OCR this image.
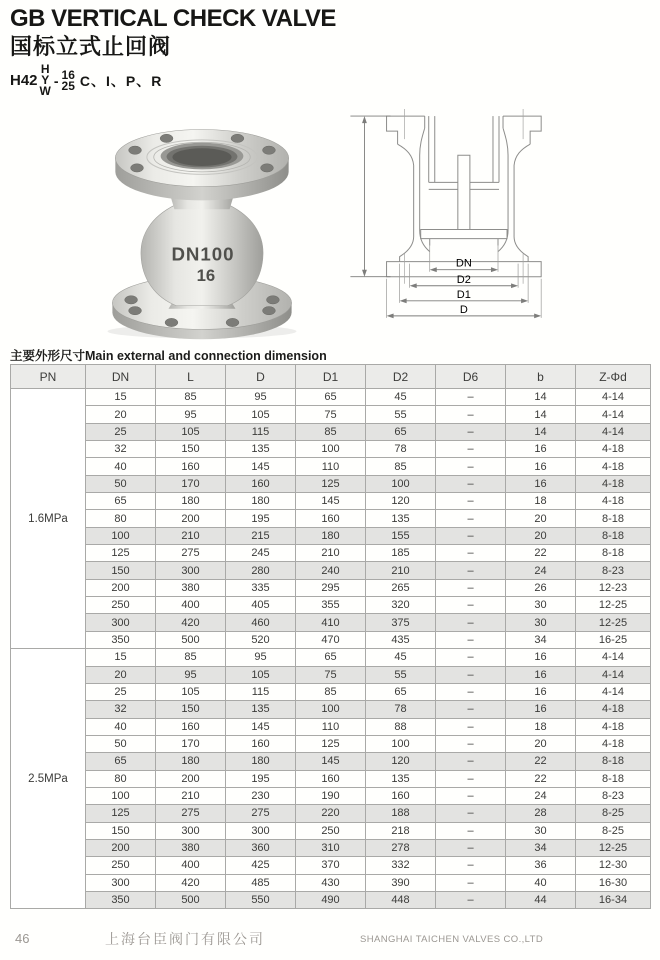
GB VERTICAL CHECK VALVE
国标立式止回阀
H42
H
Y
W
- 16
25 C、I、P、R
DN100
16
DN
D2
D1
D
主要外形尺寸Main external and connection dimension
PN	DN	L	D	D1	D2	D6	b	Z-Φd
1.6MPa	15	85	95	65	45	–	14	4-14
	20	95	105	75	55	–	14	4-14
	25	105	115	85	65	–	14	4-14
	32	150	135	100	78	–	16	4-18
	40	160	145	110	85	–	16	4-18
	50	170	160	125	100	–	16	4-18
	65	180	180	145	120	–	18	4-18
	80	200	195	160	135	–	20	8-18
	100	210	215	180	155	–	20	8-18
	125	275	245	210	185	–	22	8-18
	150	300	280	240	210	–	24	8-23
	200	380	335	295	265	–	26	12-23
	250	400	405	355	320	–	30	12-25
	300	420	460	410	375	–	30	12-25
	350	500	520	470	435	–	34	16-25
2.5MPa	15	85	95	65	45	–	16	4-14
	20	95	105	75	55	–	16	4-14
	25	105	115	85	65	–	16	4-14
	32	150	135	100	78	–	16	4-18
	40	160	145	110	88	–	18	4-18
	50	170	160	125	100	–	20	4-18
	65	180	180	145	120	–	22	8-18
	80	200	195	160	135	–	22	8-18
	100	210	230	190	160	–	24	8-23
	125	275	275	220	188	–	28	8-25
	150	300	300	250	218	–	30	8-25
	200	380	360	310	278	–	34	12-25
	250	400	425	370	332	–	36	12-30
	300	420	485	430	390	–	40	16-30
	350	500	550	490	448	–	44	16-34
46	上海台臣阀门有限公司	SHANGHAI TAICHEN VALVES CO.,LTD
